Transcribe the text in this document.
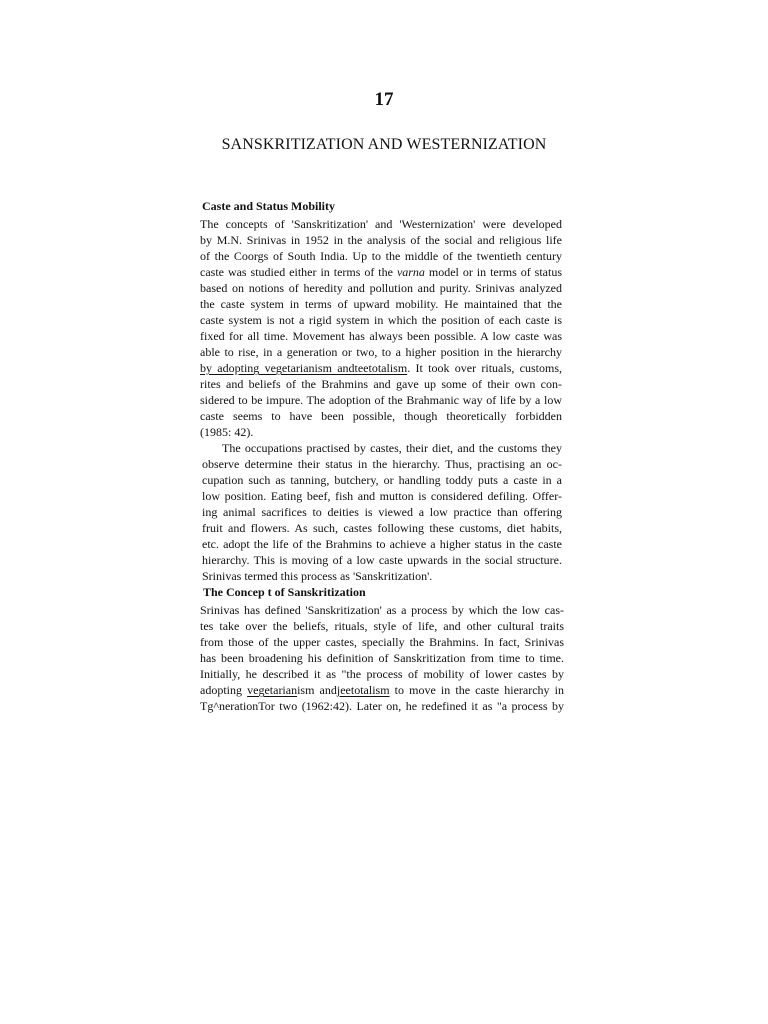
17
SANSKRITIZATION AND WESTERNIZATION
Caste and Status Mobility
The concepts of 'Sanskritization' and 'Westernization' were developed
by M.N. Srinivas in 1952 in the analysis of the social and religious life
of the Coorgs of South India. Up to the middle of the twentieth century
caste was studied either in terms of the varna model or in terms of status
based on notions of heredity and pollution and purity. Srinivas analyzed
the caste system in terms of upward mobility. He maintained that the
caste system is not a rigid system in which the position of each caste is
fixed for all time. Movement has always been possible. A low caste was
able to rise, in a generation or two, to a higher position in the hierarchy
by adopting vegetarianism andteetotalism. It took over rituals, customs,
rites and beliefs of the Brahmins and gave up some of their own con-
sidered to be impure. The adoption of the Brahmanic way of life by a low
caste seems to have been possible, though theoretically forbidden
(1985: 42).
The occupations practised by castes, their diet, and the customs they
observe determine their status in the hierarchy. Thus, practising an oc-
cupation such as tanning, butchery, or handling toddy puts a caste in a
low position. Eating beef, fish and mutton is considered defiling. Offer-
ing animal sacrifices to deities is viewed a low practice than offering
fruit and flowers. As such, castes following these customs, diet habits,
etc. adopt the life of the Brahmins to achieve a higher status in the caste
hierarchy. This is moving of a low caste upwards in the social structure.
Srinivas termed this process as 'Sanskritization'.
The Concep t of Sanskritization
Srinivas has defined 'Sanskritization' as a process by which the low cas-
tes take over the beliefs, rituals, style of life, and other cultural traits
from those of the upper castes, specially the Brahmins. In fact, Srinivas
has been broadening his definition of Sanskritization from time to time.
Initially, he described it as "the process of mobility of lower castes by
adopting vegetarianism andjeetotalism to move in the caste hierarchy in
Tg^nerationTor two (1962:42). Later on, he redefined it as "a process by
